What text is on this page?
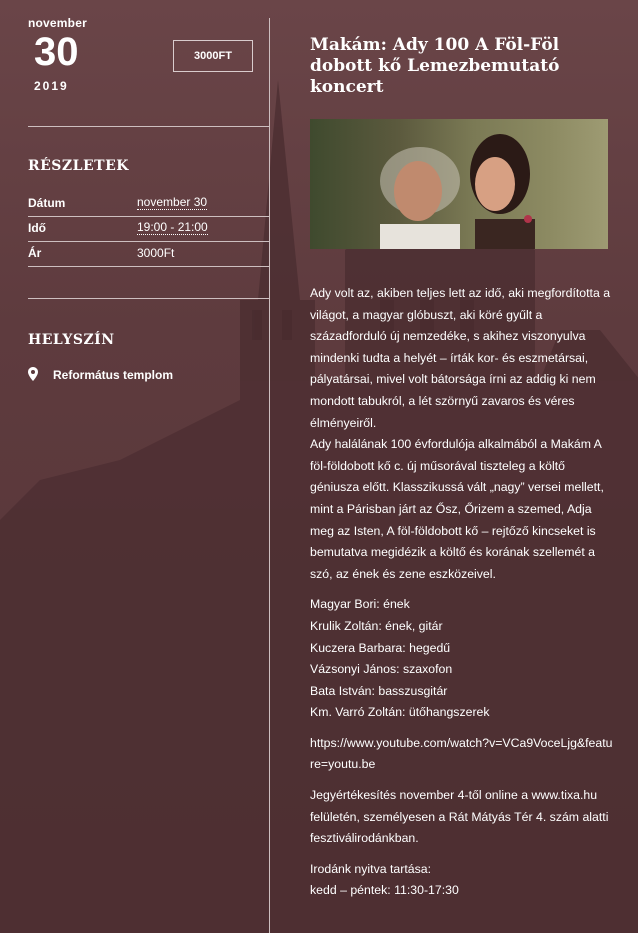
november
30
2019
3000FT
RÉSZLETEK
Dátum	november 30
Idő	19:00 - 21:00
Ár	3000Ft
HELYSZÍN
Református templom
Makám: Ady 100 A Föl-Föl dobott kő Lemezbemutató koncert

Ady volt az, akiben teljes lett az idő, aki megfordította a világot, a magyar glóbuszt, aki köré gyűlt a századforduló új nemzedéke, s akihez viszonyulva mindenki tudta a helyét – írták kor- és eszmetársai, pályatársai, mivel volt bátorsága írni az addig ki nem mondott tabukról, a lét szörnyű zavaros és véres élményeiről.

Ady halálának 100 évfordulója alkalmából a Makám A föl-földobott kő c. új műsorával tiszteleg a költő géniusza előtt. Klasszikussá vált „nagy” versei mellett, mint a Párisban járt az Ősz, Őrizem a szemed, Adja meg az Isten, A föl-földobott kő – rejtőző kincseket is bemutatva megidézik a költő és korának szellemét a szó, az ének és zene eszközeivel.

Magyar Bori: ének
Krulik Zoltán: ének, gitár
Kuczera Barbara: hegedű
Vázsonyi János: szaxofon
Bata István: basszusgitár
Km. Varró Zoltán: ütőhangszerek

https://www.youtube.com/watch?v=VCa9VoceLjg&feature=youtu.be

Jegyértékesítés november 4-től online a www.tixa.hu felületén, személyesen a Rát Mátyás Tér 4. szám alatti fesztiválirodánkban.

Irodánk nyitva tartása:
kedd – péntek: 11:30-17:30
